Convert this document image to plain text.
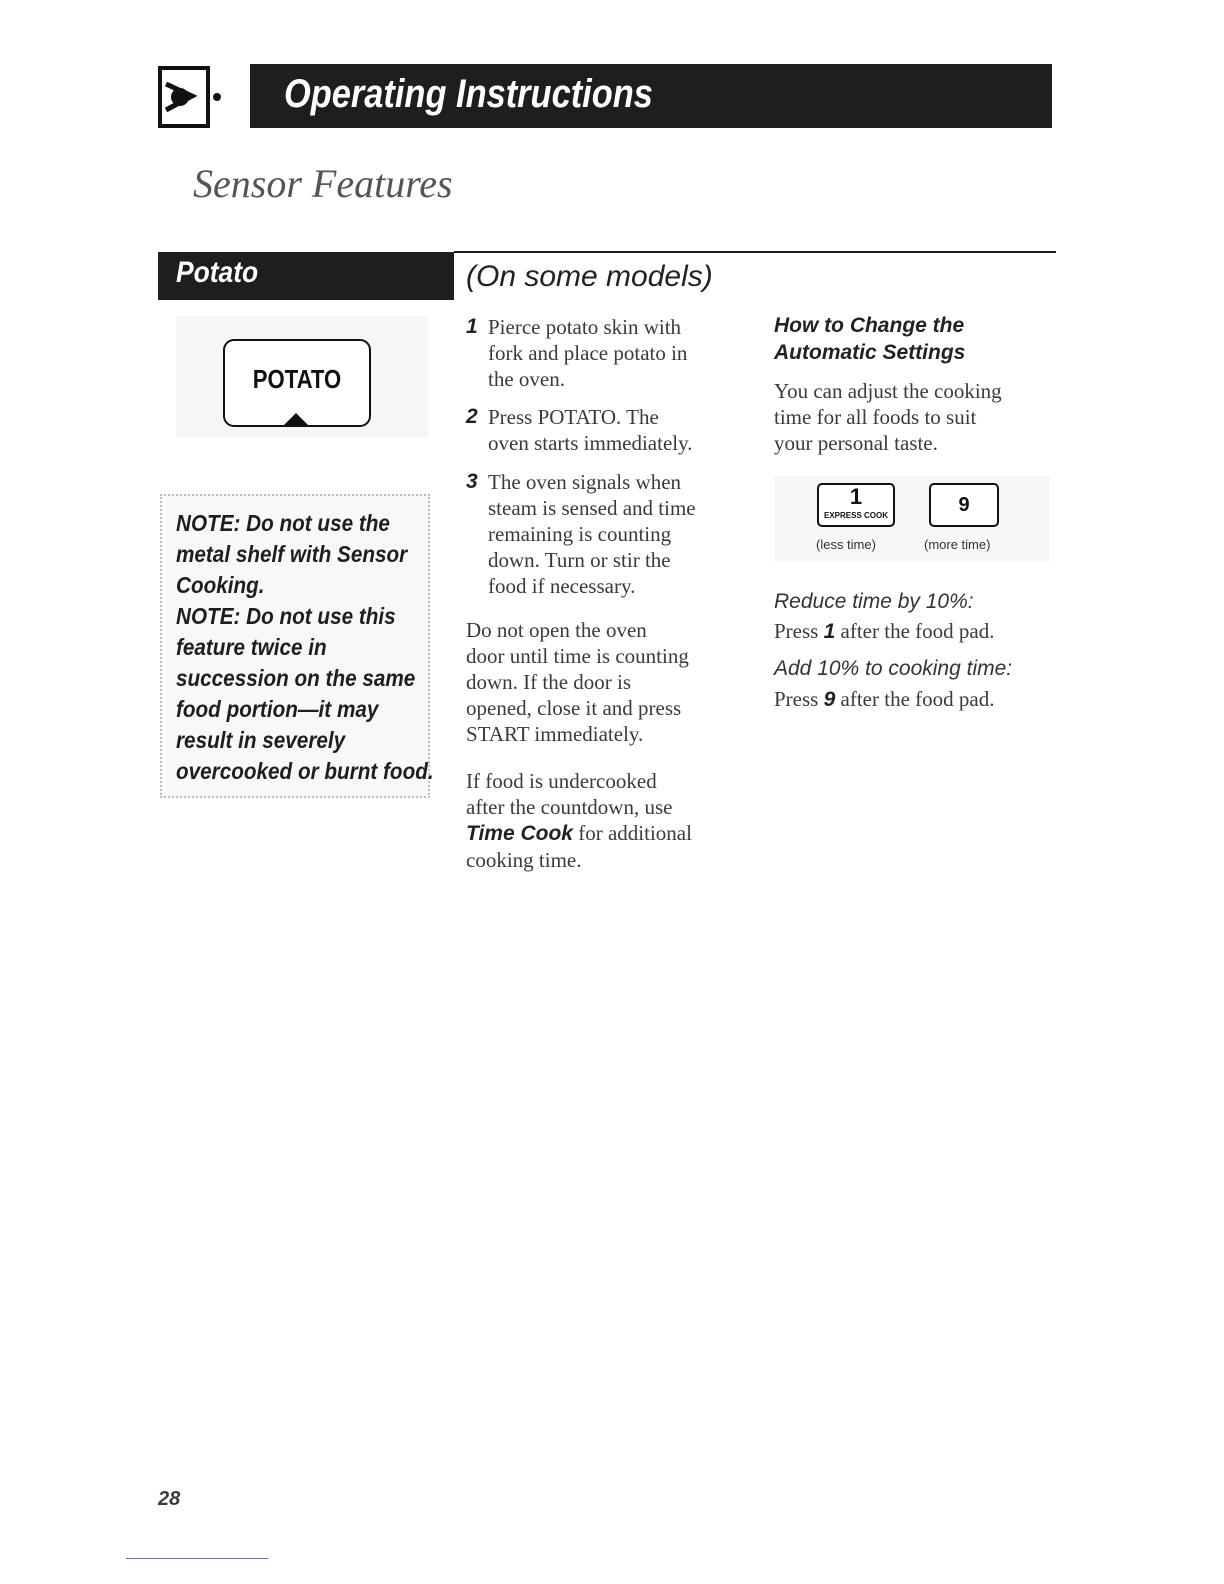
Operating Instructions
Sensor Features
Potato	(On some models)
POTATO
NOTE: Do not use the
metal shelf with Sensor
Cooking.
NOTE: Do not use this
feature twice in
succession on the same
food portion—it may
result in severely
overcooked or burnt food.
1 Pierce potato skin with
fork and place potato in
the oven.
2 Press POTATO. The
oven starts immediately.
3 The oven signals when
steam is sensed and time
remaining is counting
down. Turn or stir the
food if necessary.
Do not open the oven
door until time is counting
down. If the door is
opened, close it and press
START immediately.
If food is undercooked
after the countdown, use
Time Cook for additional
cooking time.
How to Change the
Automatic Settings
You can adjust the cooking
time for all foods to suit
your personal taste.
1
EXPRESS COOK	9
(less time)	(more time)
Reduce time by 10%:
Press 1 after the food pad.
Add 10% to cooking time:
Press 9 after the food pad.
28
